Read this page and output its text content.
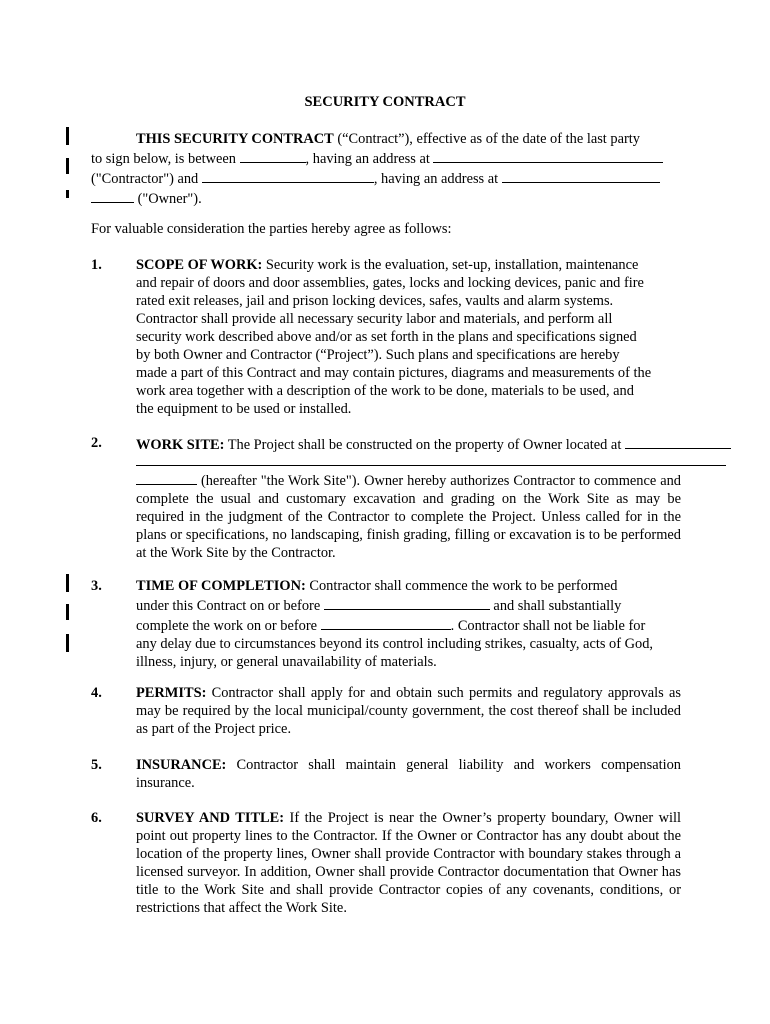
SECURITY CONTRACT
THIS SECURITY CONTRACT (“Contract”), effective as of the date of the last party
to sign below, is between	, having an address at
("Contractor") and	, having an address at
("Owner").
For valuable consideration the parties hereby agree as follows:
1. SCOPE OF WORK: Security work is the evaluation, set-up, installation, maintenance
and repair of doors and door assemblies, gates, locks and locking devices, panic and fire
rated exit releases, jail and prison locking devices, safes, vaults and alarm systems.
Contractor shall provide all necessary security labor and materials, and perform all
security work described above and/or as set forth in the plans and specifications signed
by both Owner and Contractor (“Project”). Such plans and specifications are hereby
made a part of this Contract and may contain pictures, diagrams and measurements of the
work area together with a description of the work to be done, materials to be used, and
the equipment to be used or installed.
2. WORK SITE: The Project shall be constructed on the property of Owner located at
(hereafter "the Work Site"). Owner hereby authorizes Contractor to commence and complete the usual and customary excavation and grading on the Work Site as may be required in the judgment of the Contractor to complete the Project. Unless called for in the plans or specifications, no landscaping, finish grading, filling or excavation is to be performed at the Work Site by the Contractor.
3. TIME OF COMPLETION: Contractor shall commence the work to be performed
under this Contract on or before	and shall substantially
complete the work on or before	. Contractor shall not be liable for
any delay due to circumstances beyond its control including strikes, casualty, acts of God,
illness, injury, or general unavailability of materials.
4. PERMITS: Contractor shall apply for and obtain such permits and regulatory approvals as may be required by the local municipal/county government, the cost thereof shall be included as part of the Project price.
5. INSURANCE: Contractor shall maintain general liability and workers compensation insurance.
6. SURVEY AND TITLE: If the Project is near the Owner’s property boundary, Owner will point out property lines to the Contractor. If the Owner or Contractor has any doubt about the location of the property lines, Owner shall provide Contractor with boundary stakes through a licensed surveyor. In addition, Owner shall provide Contractor documentation that Owner has title to the Work Site and shall provide Contractor copies of any covenants, conditions, or restrictions that affect the Work Site.
